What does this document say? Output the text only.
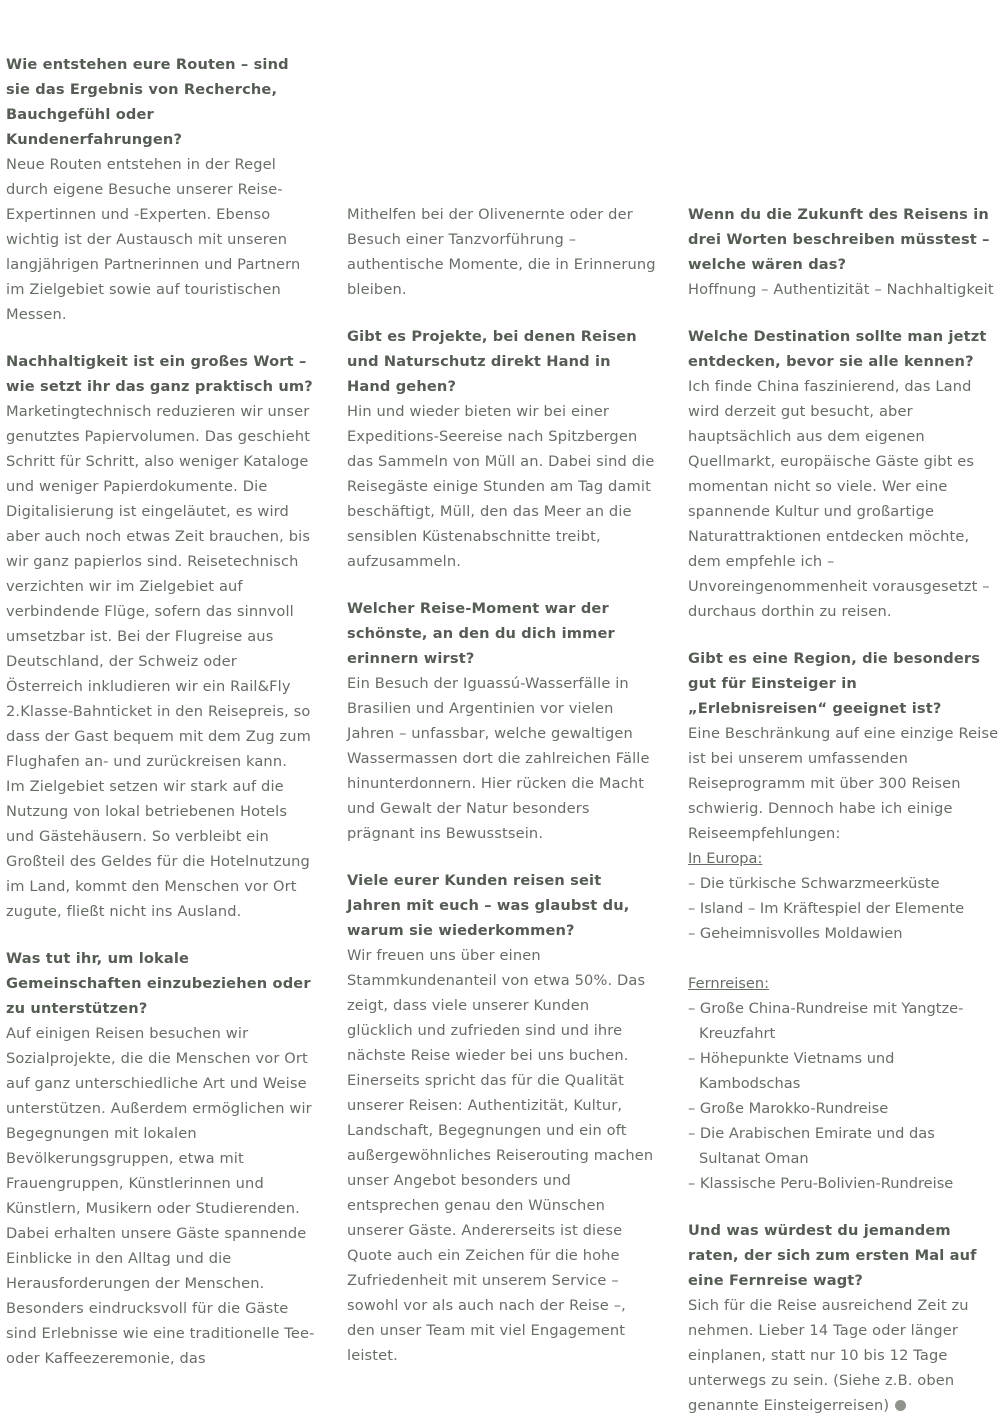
Wie entstehen eure Routen – sind sie das Ergebnis von Recherche, Bauchgefühl oder Kundenerfahrungen?

Neue Routen entstehen in der Regel durch eigene Besuche unserer Reise-Expertinnen und -Experten. Ebenso wichtig ist der Austausch mit unseren langjährigen Partnerinnen und Partnern im Zielgebiet sowie auf touristischen Messen.

Nachhaltigkeit ist ein großes Wort – wie setzt ihr das ganz praktisch um?

Marketingtechnisch reduzieren wir unser genutztes Papiervolumen. Das geschieht Schritt für Schritt, also weniger Kataloge und weniger Papierdokumente. Die Digitalisierung ist eingeläutet, es wird aber auch noch etwas Zeit brauchen, bis wir ganz papierlos sind. Reisetechnisch verzichten wir im Zielgebiet auf verbindende Flüge, sofern das sinnvoll umsetzbar ist. Bei der Flugreise aus Deutschland, der Schweiz oder Österreich inkludieren wir ein Rail&Fly 2.Klasse-Bahnticket in den Reisepreis, so dass der Gast bequem mit dem Zug zum Flughafen an- und zurückreisen kann.

Im Zielgebiet setzen wir stark auf die Nutzung von lokal betriebenen Hotels und Gästehäusern. So verbleibt ein Großteil des Geldes für die Hotelnutzung im Land, kommt den Menschen vor Ort zugute, fließt nicht ins Ausland.

Was tut ihr, um lokale Gemeinschaften einzubeziehen oder zu unterstützen?

Auf einigen Reisen besuchen wir Sozialprojekte, die die Menschen vor Ort auf ganz unterschiedliche Art und Weise unterstützen. Außerdem ermöglichen wir Begegnungen mit lokalen Bevölkerungsgruppen, etwa mit Frauengruppen, Künstlerinnen und Künstlern, Musikern oder Studierenden. Dabei erhalten unsere Gäste spannende Einblicke in den Alltag und die Herausforderungen der Menschen.

Besonders eindrucksvoll für die Gäste sind Erlebnisse wie eine traditionelle Tee- oder Kaffeezeremonie, das

Mithelfen bei der Olivenernte oder der Besuch einer Tanzvorführung – authentische Momente, die in Erinnerung bleiben.

Gibt es Projekte, bei denen Reisen und Naturschutz direkt Hand in Hand gehen?

Hin und wieder bieten wir bei einer Expeditions-Seereise nach Spitzbergen das Sammeln von Müll an. Dabei sind die Reisegäste einige Stunden am Tag damit beschäftigt, Müll, den das Meer an die sensiblen Küstenabschnitte treibt, aufzusammeln.

Welcher Reise-Moment war der schönste, an den du dich immer erinnern wirst?

Ein Besuch der Iguassú-Wasserfälle in Brasilien und Argentinien vor vielen Jahren – unfassbar, welche gewaltigen Wassermassen dort die zahlreichen Fälle hinunterdonnern. Hier rücken die Macht und Gewalt der Natur besonders prägnant ins Bewusstsein.

Viele eurer Kunden reisen seit Jahren mit euch – was glaubst du, warum sie wiederkommen?

Wir freuen uns über einen Stammkundenanteil von etwa 50%. Das zeigt, dass viele unserer Kunden glücklich und zufrieden sind und ihre nächste Reise wieder bei uns buchen. Einerseits spricht das für die Qualität unserer Reisen: Authentizität, Kultur, Landschaft, Begegnungen und ein oft außergewöhnliches Reiserouting machen unser Angebot besonders und entsprechen genau den Wünschen unserer Gäste. Andererseits ist diese Quote auch ein Zeichen für die hohe Zufriedenheit mit unserem Service – sowohl vor als auch nach der Reise –, den unser Team mit viel Engagement leistet.

Wenn du die Zukunft des Reisens in drei Worten beschreiben müsstest – welche wären das?

Hoffnung – Authentizität – Nachhaltigkeit

Welche Destination sollte man jetzt entdecken, bevor sie alle kennen?

Ich finde China faszinierend, das Land wird derzeit gut besucht, aber hauptsächlich aus dem eigenen Quellmarkt, europäische Gäste gibt es momentan nicht so viele. Wer eine spannende Kultur und großartige Naturattraktionen entdecken möchte, dem empfehle ich – Unvoreingenommenheit vorausgesetzt – durchaus dorthin zu reisen.

Gibt es eine Region, die besonders gut für Einsteiger in „Erlebnisreisen“ geeignet ist?

Eine Beschränkung auf eine einzige Reise ist bei unserem umfassenden Reiseprogramm mit über 300 Reisen schwierig. Dennoch habe ich einige Reiseempfehlungen:

In Europa:

– Die türkische Schwarzmeerküste
– Island – Im Kräftespiel der Elemente
– Geheimnisvolles Moldawien

Fernreisen:

– Große China-Rundreise mit Yangtze-Kreuzfahrt
– Höhepunkte Vietnams und Kambodschas
– Große Marokko-Rundreise
– Die Arabischen Emirate und das Sultanat Oman
– Klassische Peru-Bolivien-Rundreise

Und was würdest du jemandem raten, der sich zum ersten Mal auf eine Fernreise wagt?

Sich für die Reise ausreichend Zeit zu nehmen. Lieber 14 Tage oder länger einplanen, statt nur 10 bis 12 Tage unterwegs zu sein. (Siehe z.B. oben genannte Einsteigerreisen)
